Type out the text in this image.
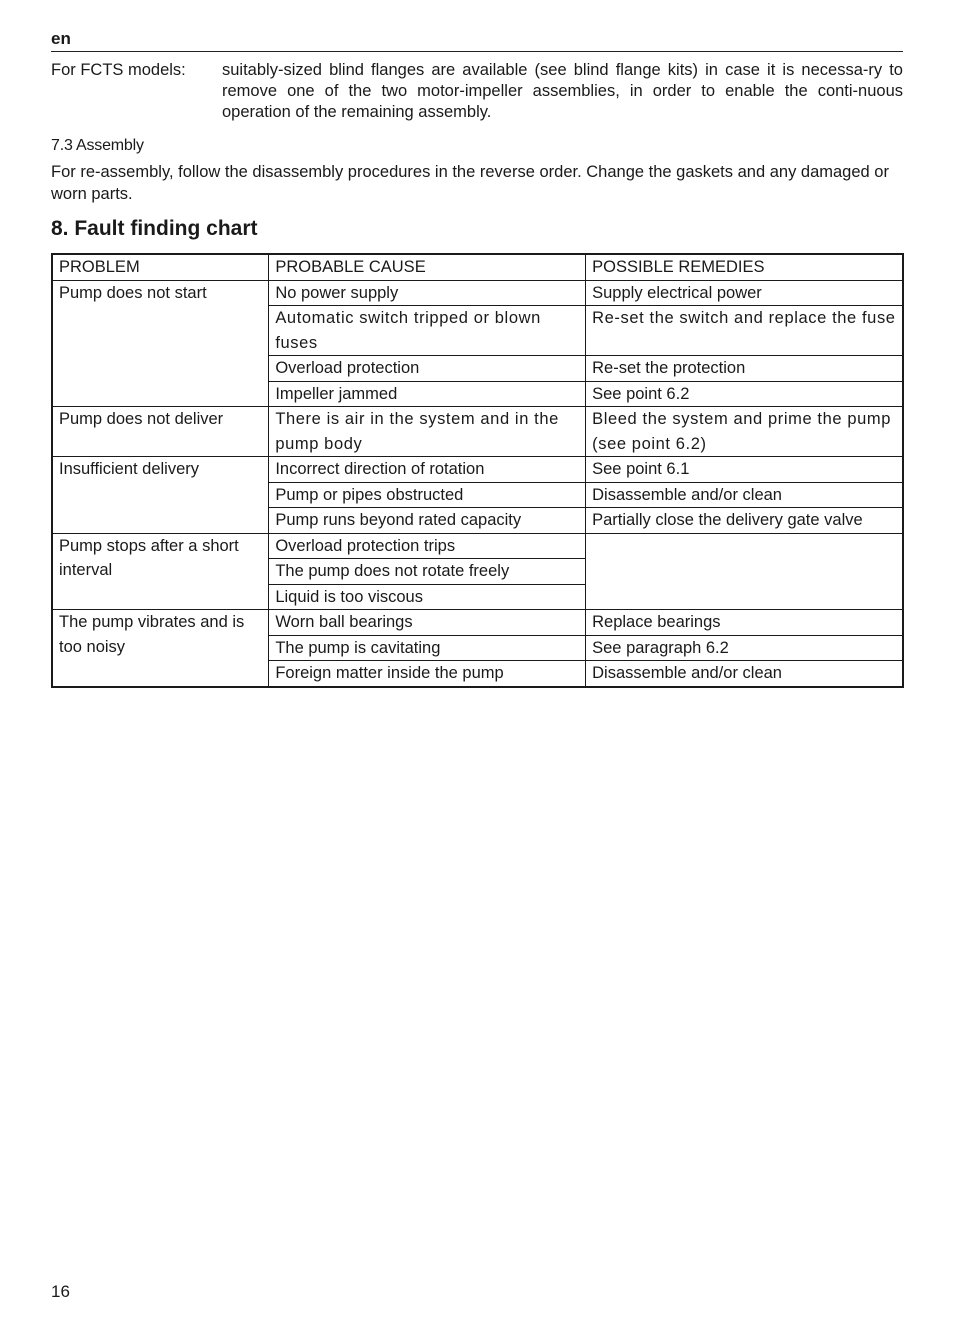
en
For FCTS models: suitably-sized blind flanges are available (see blind flange kits) in case it is necessa-ry to remove one of the two motor-impeller assemblies, in order to enable the conti-nuous operation of the remaining assembly.
7.3 Assembly
For re-assembly, follow the disassembly procedures in the reverse order. Change the gaskets and any damaged or worn parts.
8. Fault finding chart
PROBLEM	PROBABLE CAUSE	POSSIBLE REMEDIES
Pump does not start	No power supply	Supply electrical power
	Automatic switch tripped or blown fuses	Re-set the switch and replace the fuse
	Overload protection	Re-set the protection
	Impeller jammed	See point 6.2
Pump does not deliver	There is air in the system and in the pump body	Bleed the system and prime the pump (see point 6.2)
Insufficient delivery	Incorrect direction of rotation	See point 6.1
	Pump or pipes obstructed	Disassemble and/or clean
	Pump runs beyond rated capacity	Partially close the delivery gate valve
Pump stops after a short interval	Overload protection trips	
	The pump does not rotate freely	
	Liquid is too viscous	
The pump vibrates and is too noisy	Worn ball bearings	Replace bearings
	The pump is cavitating	See paragraph 6.2
	Foreign matter inside the pump	Disassemble and/or clean
16
